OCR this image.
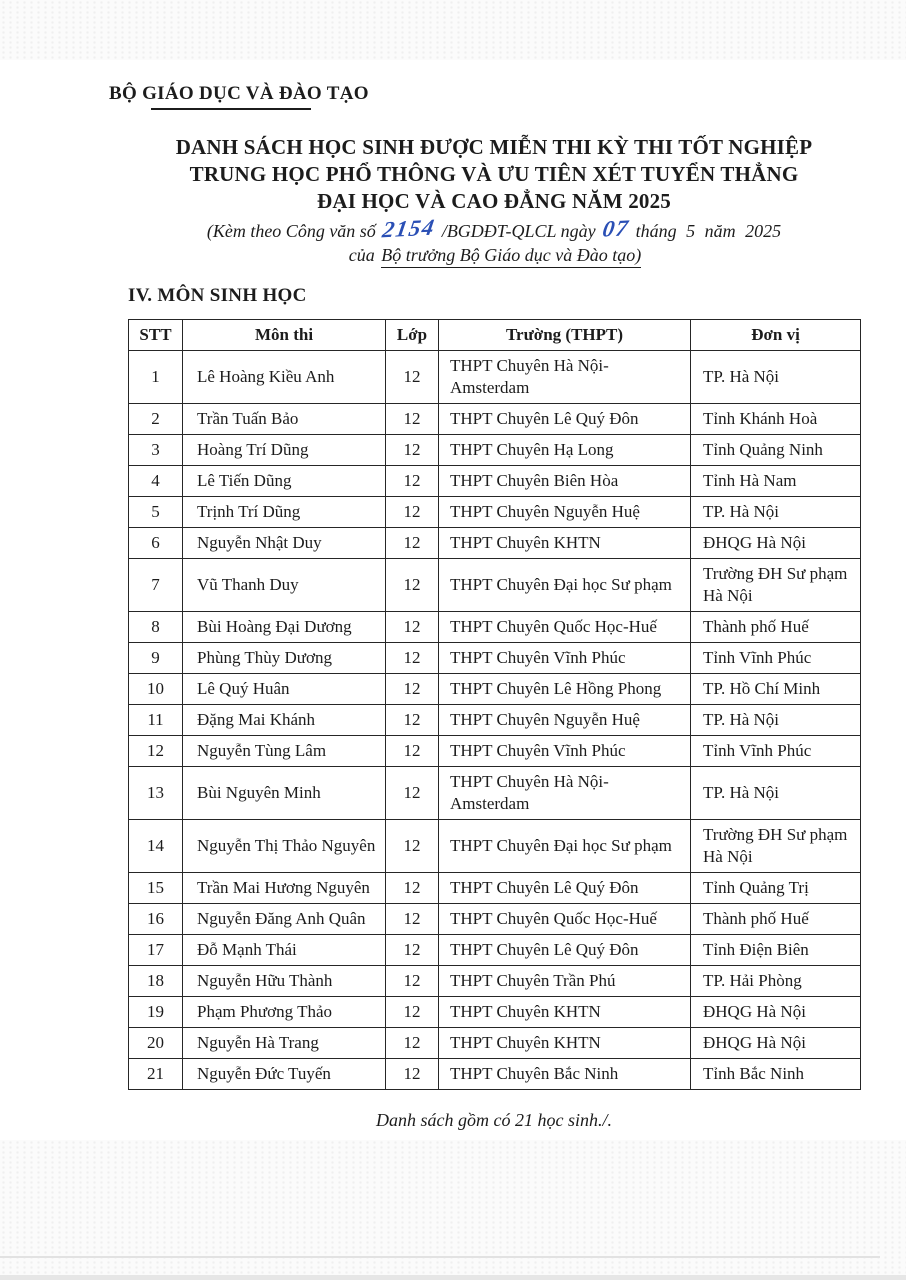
BỘ GIÁO DỤC VÀ ĐÀO TẠO
DANH SÁCH HỌC SINH ĐƯỢC MIỄN THI KỲ THI TỐT NGHIỆP
TRUNG HỌC PHỔ THÔNG VÀ ƯU TIÊN XÉT TUYỂN THẲNG
ĐẠI HỌC VÀ CAO ĐẲNG NĂM 2025
(Kèm theo Công văn số 2154 /BGDĐT-QLCL ngày 07 tháng 5 năm 2025
của Bộ trưởng Bộ Giáo dục và Đào tạo)
IV. MÔN SINH HỌC
STT	Môn thi	Lớp	Trường (THPT)	Đơn vị
1	Lê Hoàng Kiều Anh	12	THPT Chuyên Hà Nội-Amsterdam	TP. Hà Nội
2	Trần Tuấn Bảo	12	THPT Chuyên Lê Quý Đôn	Tỉnh Khánh Hoà
3	Hoàng Trí Dũng	12	THPT Chuyên Hạ Long	Tỉnh Quảng Ninh
4	Lê Tiến Dũng	12	THPT Chuyên Biên Hòa	Tỉnh Hà Nam
5	Trịnh Trí Dũng	12	THPT Chuyên Nguyễn Huệ	TP. Hà Nội
6	Nguyễn Nhật Duy	12	THPT Chuyên KHTN	ĐHQG Hà Nội
7	Vũ Thanh Duy	12	THPT Chuyên Đại học Sư phạm	Trường ĐH Sư phạm Hà Nội
8	Bùi Hoàng Đại Dương	12	THPT Chuyên Quốc Học-Huế	Thành phố Huế
9	Phùng Thùy Dương	12	THPT Chuyên Vĩnh Phúc	Tỉnh Vĩnh Phúc
10	Lê Quý Huân	12	THPT Chuyên Lê Hồng Phong	TP. Hồ Chí Minh
11	Đặng Mai Khánh	12	THPT Chuyên Nguyễn Huệ	TP. Hà Nội
12	Nguyễn Tùng Lâm	12	THPT Chuyên Vĩnh Phúc	Tỉnh Vĩnh Phúc
13	Bùi Nguyên Minh	12	THPT Chuyên Hà Nội-Amsterdam	TP. Hà Nội
14	Nguyễn Thị Thảo Nguyên	12	THPT Chuyên Đại học Sư phạm	Trường ĐH Sư phạm Hà Nội
15	Trần Mai Hương Nguyên	12	THPT Chuyên Lê Quý Đôn	Tỉnh Quảng Trị
16	Nguyễn Đăng Anh Quân	12	THPT Chuyên Quốc Học-Huế	Thành phố Huế
17	Đỗ Mạnh Thái	12	THPT Chuyên Lê Quý Đôn	Tỉnh Điện Biên
18	Nguyễn Hữu Thành	12	THPT Chuyên Trần Phú	TP. Hải Phòng
19	Phạm Phương Thảo	12	THPT Chuyên KHTN	ĐHQG Hà Nội
20	Nguyễn Hà Trang	12	THPT Chuyên KHTN	ĐHQG Hà Nội
21	Nguyễn Đức Tuyến	12	THPT Chuyên Bắc Ninh	Tỉnh Bắc Ninh
Danh sách gồm có 21 học sinh./.
